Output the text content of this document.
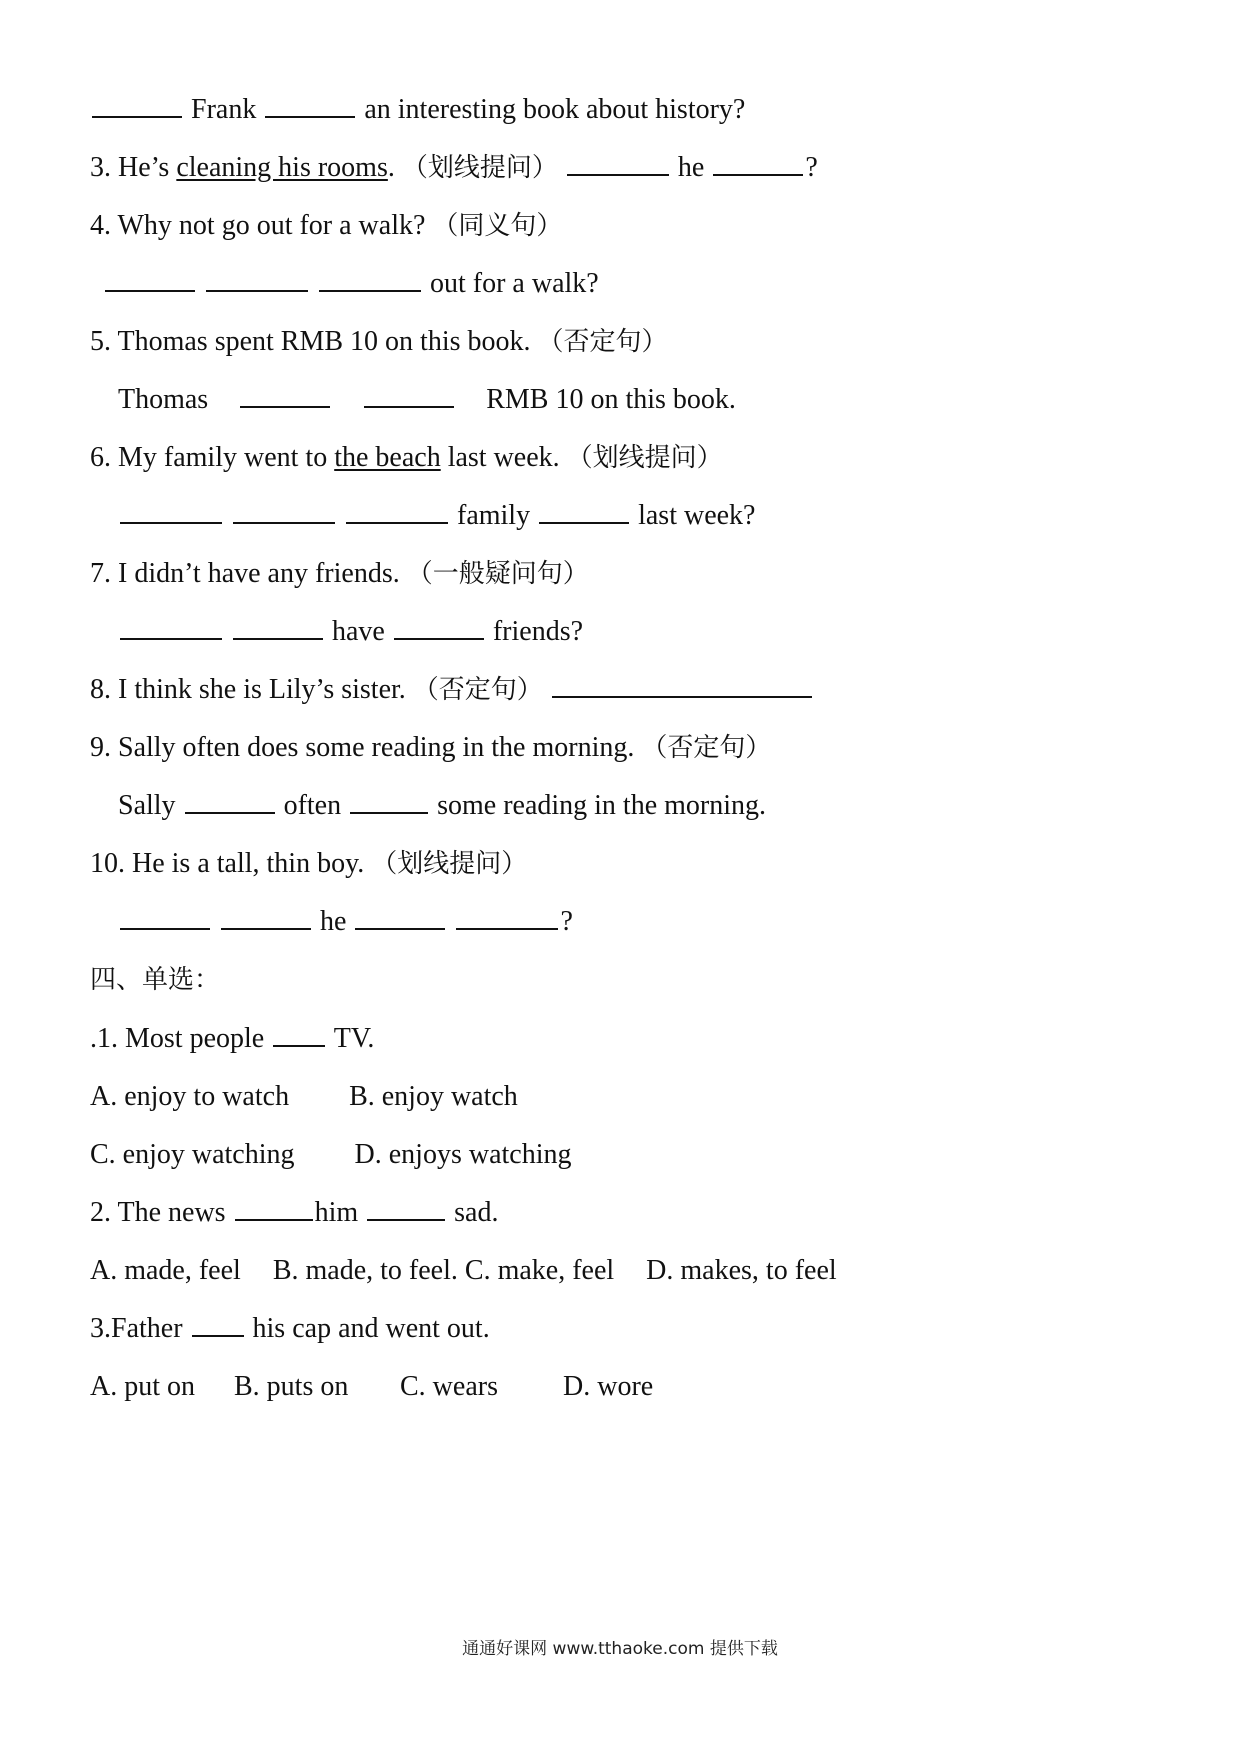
Frank	an interesting book about history?
3. He’s cleaning his rooms. （划线提问）	he	?
4. Why not go out for a walk? （同义句）
out for a walk?
5. Thomas spent RMB 10 on this book. （否定句）
Thomas	RMB 10 on this book.
6. My family went to the beach last week. （划线提问）
family	last week?
7. I didn’t have any friends. （一般疑问句）
have	friends?
8. I think she is Lily’s sister. （否定句）
9. Sally often does some reading in the morning. （否定句）
Sally	often	some reading in the morning.
10. He is a tall, thin boy. （划线提问）
he	?
四、单选：
.1. Most people TV.
A. enjoy to watch B. enjoy watch
C. enjoy watching D. enjoys watching
2. The news	him	sad.
A. made, feel B. made, to feel. C. make, feel D. makes, to feel
3.Father	his cap and went out.
A. put on B. puts on C. wears D. wore
通通好课网 www.tthaoke.com 提供下载
